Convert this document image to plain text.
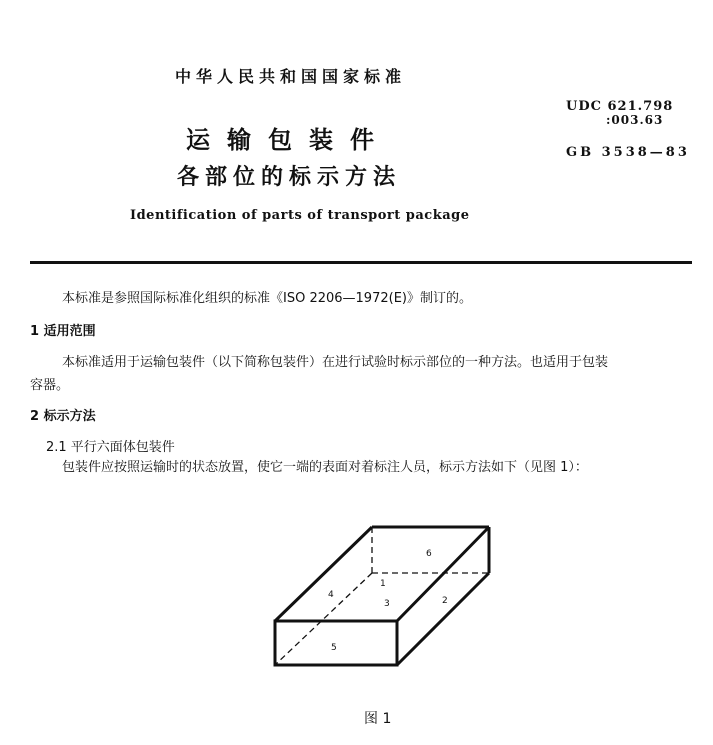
中华人民共和国国家标准
运输包装件
各部位的标示方法
Identification of parts of transport package
UDC 621.798
:003.63
GB 3538—83
本标准是参照国际标准化组织的标准《ISO 2206—1972(E)》制订的。
1 适用范围
本标准适用于运输包装件（以下简称包装件）在进行试验时标示部位的一种方法。也适用于包装
容器。
2 标示方法
2.1 平行六面体包装件
包装件应按照运输时的状态放置，使它一端的表面对着标注人员，标示方法如下（见图 1）：
1
2
3
4
5
6
图 1
